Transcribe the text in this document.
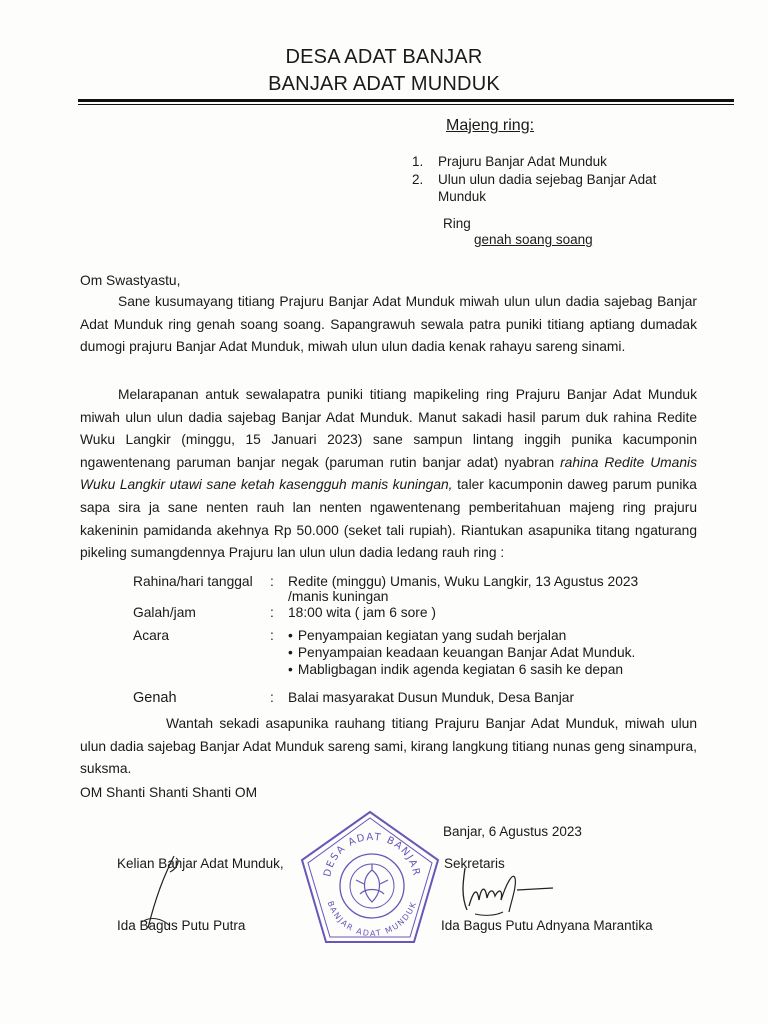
DESA ADAT BANJAR
BANJAR ADAT MUNDUK
Majeng ring:
1. Prajuru Banjar Adat Munduk
2. Ulun ulun dadia sejebag Banjar Adat
Munduk
Ring
genah soang soang
Om Swastyastu,
Sane kusumayang titiang Prajuru Banjar Adat Munduk miwah ulun ulun dadia sajebag Banjar Adat Munduk ring genah soang soang. Sapangrawuh sewala patra puniki titiang aptiang dumadak dumogi prajuru Banjar Adat Munduk, miwah ulun ulun dadia kenak rahayu sareng sinami.
Melarapanan antuk sewalapatra puniki titiang mapikeling ring Prajuru Banjar Adat Munduk miwah ulun ulun dadia sajebag Banjar Adat Munduk. Manut sakadi hasil parum duk rahina Redite Wuku Langkir (minggu, 15 Januari 2023) sane sampun lintang inggih punika kacumponin ngawentenang paruman banjar negak (paruman rutin banjar adat) nyabran rahina Redite Umanis Wuku Langkir utawi sane ketah kasengguh manis kuningan, taler kacumponin daweg parum punika sapa sira ja sane nenten rauh lan nenten ngawentenang pemberitahuan majeng ring prajuru kakeninin pamidanda akehnya Rp 50.000 (seket tali rupiah). Riantukan asapunika titang ngaturang pikeling sumangdennya Prajuru lan ulun ulun dadia ledang rauh ring :
Rahina/hari tanggal : Redite (minggu) Umanis, Wuku Langkir, 13 Agustus 2023
/manis kuningan
Galah/jam	: 18:00 wita ( jam 6 sore )
Acara	:
•	Penyampaian kegiatan yang sudah berjalan
• Penyampaian keadaan keuangan Banjar Adat Munduk.
• Mabligbagan indik agenda kegiatan 6 sasih ke depan
Genah	: Balai masyarakat Dusun Munduk, Desa Banjar
Wantah sekadi asapunika rauhang titiang Prajuru Banjar Adat Munduk, miwah ulun ulun dadia sajebag Banjar Adat Munduk sareng sami, kirang langkung titiang nunas geng sinampura, suksma.
OM Shanti Shanti Shanti OM
Banjar, 6 Agustus 2023
Kelian Banjar Adat Munduk,
Ida Bagus Putu Putra
Sekretaris
Ida Bagus Putu Adnyana Marantika
DESA ADAT BANJAR
BANJAR ADAT MUNDUK
